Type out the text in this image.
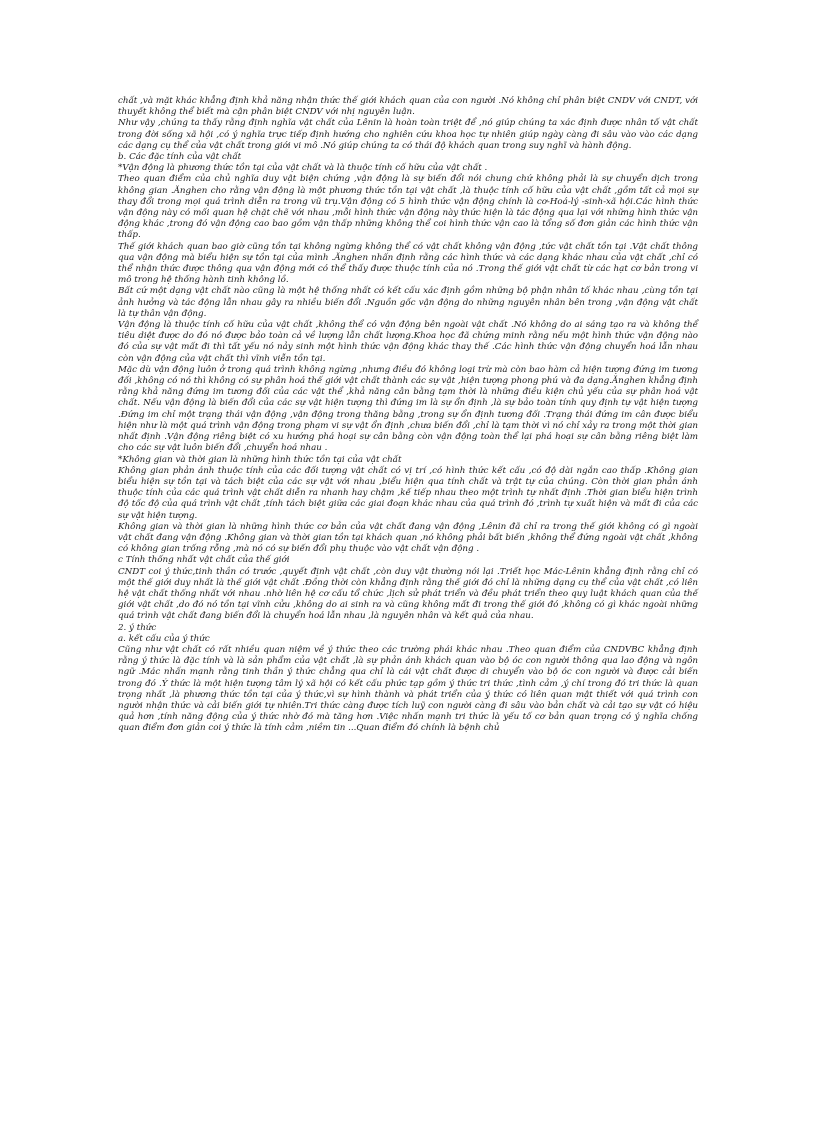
chất ,và mặt khác khẳng định khả năng nhận thức thế giới khách quan của con người .Nó không chỉ phân biệt CNDV với CNDT, với thuyết không thể biết mà cận phân biệt CNDV với nhị nguyên luận.

Như vậy ,chúng ta thấy rằng định nghĩa vật chất của Lênin là hoàn toàn triệt để ,nó giúp chúng ta xác định được nhân tố vật chất trong đời sống xã hội ,có ý nghĩa trực tiếp định hướng cho nghiên cứu khoa học tự nhiên giúp ngày càng đi sâu vào vào các dạng các dạng cụ thể của vật chất trong giới vi mô .Nó giúp chúng ta có thái độ khách quan trong suy nghĩ và hành động.

b. Các đặc tính của vật chất

*Vận động là phương thức tồn tại của vật chất và là thuộc tính cố hữu của vật chất .

Theo quan điểm của chủ nghĩa duy vật biện chứng ,vận động là sự biến đổi nói chung chứ không phải là sự chuyển dịch trong không gian .Ănghen cho rằng vận động là một phương thức tồn tại vật chất ,là thuộc tính cố hữu của vật chất ,gồm tất cả mọi sự thay đổi trong mọi quá trình diễn ra trong vũ trụ.Vận động có 5 hình thức vận động chính là cơ-Hoá-lý -sinh-xã hội.Các hình thức vận động này có mối quan hệ chặt chẽ với nhau ,mỗi hình thức vận động này thức hiện là tác động qua lại với những hình thức vận động khác ,trong đó vận động cao bao gồm vận thấp những không thể coi hình thức vận cao là tổng số đơn giản các hình thức vận thấp.

Thế giới khách quan bao giờ cũng tồn tại không ngừng không thể có vật chất không vận động ,tức vật chất tồn tại .Vật chất thông qua vận động mà biểu hiện sự tồn tại của mình .Ănghen nhấn định rằng các hình thức và các dạng khác nhau của vật chất ,chỉ có thể nhận thức được thông qua vận động mới có thể thấy được thuộc tính của nó .Trong thế giới vật chất từ các hạt cơ bản trong vi mô trong hệ thống hành tinh không lồ.

Bất cứ một dạng vật chất nào cũng là một hệ thống nhất có kết cấu xác định gồm những bộ phận nhân tố khác nhau ,cùng tồn tại ảnh hưởng và tác động lẫn nhau gây ra nhiều biến đổi .Nguồn gốc vận động do những nguyên nhân bên trong ,vận động vật chất là tự thân vận động.

Vận động là thuộc tính cố hữu của vật chất ,không thể có vận động bên ngoài vật chất .Nó không do ai sáng tạo ra và không thể tiêu diệt được do đó nó được bảo toàn cả về lượng lẫn chất lượng.Khoa học đã chứng minh rằng nếu một hình thức vận động nào đó của sự vật mất đi thì tất yếu nó nảy sinh một hình thức vận động khác thay thế .Các hình thức vận động chuyển hoá lẫn nhau còn vận động của vật chất thì vĩnh viễn tồn tại.

Mặc dù vận động luôn ở trong quá trình không ngừng ,nhưng điều đó không loại trừ mà còn bao hàm cả hiện tượng đứng im tương đối ,không có nó thì không có sự phân hoá thế giới vật chất thành các sự vật ,hiện tượng phong phú và đa dạng.Ănghen khẳng định rằng khả năng đứng im tương đối của các vật thể ,khả năng cân bằng tạm thời là những điều kiện chủ yếu của sự phân hoá vật chất. Nếu vận động là biến đổi của các sự vật hiện tượng thì đứng im là sự ổn định ,là sự bảo toàn tính quy định tự vật hiện tượng .Đứng im chỉ một trạng thái vận động ,vận động trong thăng bằng ,trong sự ổn định tương đối .Trạng thái đứng im cân được biểu hiện như là một quá trình vận động trong phạm vi sự vật ổn định ,chưa biến đổi ,chỉ là tạm thời vì nó chỉ xảy ra trong một thời gian nhất định .Vận động riêng biệt có xu hướng phá hoại sự cân bằng còn vận động toàn thể lại phá hoại sự cân bằng riêng biệt làm cho các sự vật luôn biến đổi ,chuyển hoá nhau .

*Không gian và thời gian là những hình thức tồn tại của vật chất

Không gian phản ánh thuộc tính của các đối tượng vật chất có vị trí ,có hình thức kết cấu ,có độ dài ngắn cao thấp .Không gian biểu hiện sự tồn tại và tách biệt của các sự vật với nhau ,biểu hiện qua tính chất và trật tự của chúng. Còn thời gian phản ánh thuộc tính của các quá trình vật chất diễn ra nhanh hay chậm ,kế tiếp nhau theo một trình tự nhất định .Thời gian biểu hiện trình độ tốc độ của quá trình vật chất ,tính tách biệt giữa các giai đoạn khác nhau của quá trình đó ,trình tự xuất hiện và mất đi của các sự vật hiện tượng.

Không gian và thời gian là những hình thức cơ bản của vật chất đang vận động ,Lênin đã chỉ ra trong thế giới không có gì ngoài vật chất đang vận động .Không gian và thời gian tồn tại khách quan ,nó không phải bất biến ,không thể đứng ngoài vật chất ,không có không gian trống rỗng ,mà nó có sự biến đổi phụ thuộc vào vật chất vận động .

c Tính thống nhất vật chất của thế giới

CNDT coi ý thức,tinh thần có trước ,quyết định vật chất ,còn duy vật thường nói lại .Triết học Mác-Lênin khẳng định rằng chỉ có một thế giới duy nhất là thế giới vật chất .Đồng thời còn khẳng định rằng thế giới đó chỉ là những dạng cụ thể của vật chất ,có liên hệ vật chất thống nhất với nhau .nhờ liên hệ cơ cấu tổ chức ,lịch sử phát triển và đều phát triển theo quy luật khách quan của thế giới vật chất ,do đó nó tồn tại vĩnh cửu ,không do ai sinh ra và cũng không mất đi trong thế giới đó ,không có gì khác ngoài những quá trình vật chất đang biến đổi là chuyển hoá lẫn nhau ,là nguyên nhân và kết quả của nhau.

2. ý thức

a. kết cấu của ý thức

Cũng như vật chất có rất nhiều quan niệm về ý thức theo các trường phái khác nhau .Theo quan điểm của CNDVBC khẳng định rằng ý thức là đặc tính và là sản phẩm của vật chất ,là sự phản ánh khách quan vào bộ óc con người thông qua lao động và ngôn ngữ .Mác nhấn mạnh rằng tinh thần ý thức chẳng qua chỉ là cái vật chất được di chuyển vào bộ óc con người và được cải biến trong đó .Ý thức là một hiện tượng tâm lý xã hội có kết cấu phức tạp gồm ý thức tri thức ,tình cảm ,ý chí trong đó tri thức là quan trọng nhất ,là phương thức tồn tại của ý thức,vì sự hình thành và phát triển của ý thức có liên quan mật thiết với quá trình con người nhận thức và cải biến giới tự nhiên.Tri thức càng được tích luỹ con người càng đi sâu vào bản chất và cải tạo sự vật có hiệu quả hơn ,tính năng động của ý thức nhờ đó mà tăng hơn .Việc nhấn mạnh tri thức là yếu tố cơ bản quan trọng có ý nghĩa chống quan điểm đơn giản coi ý thức là tính cảm ,niềm tin ...Quan điểm đó chính là bệnh chủ
